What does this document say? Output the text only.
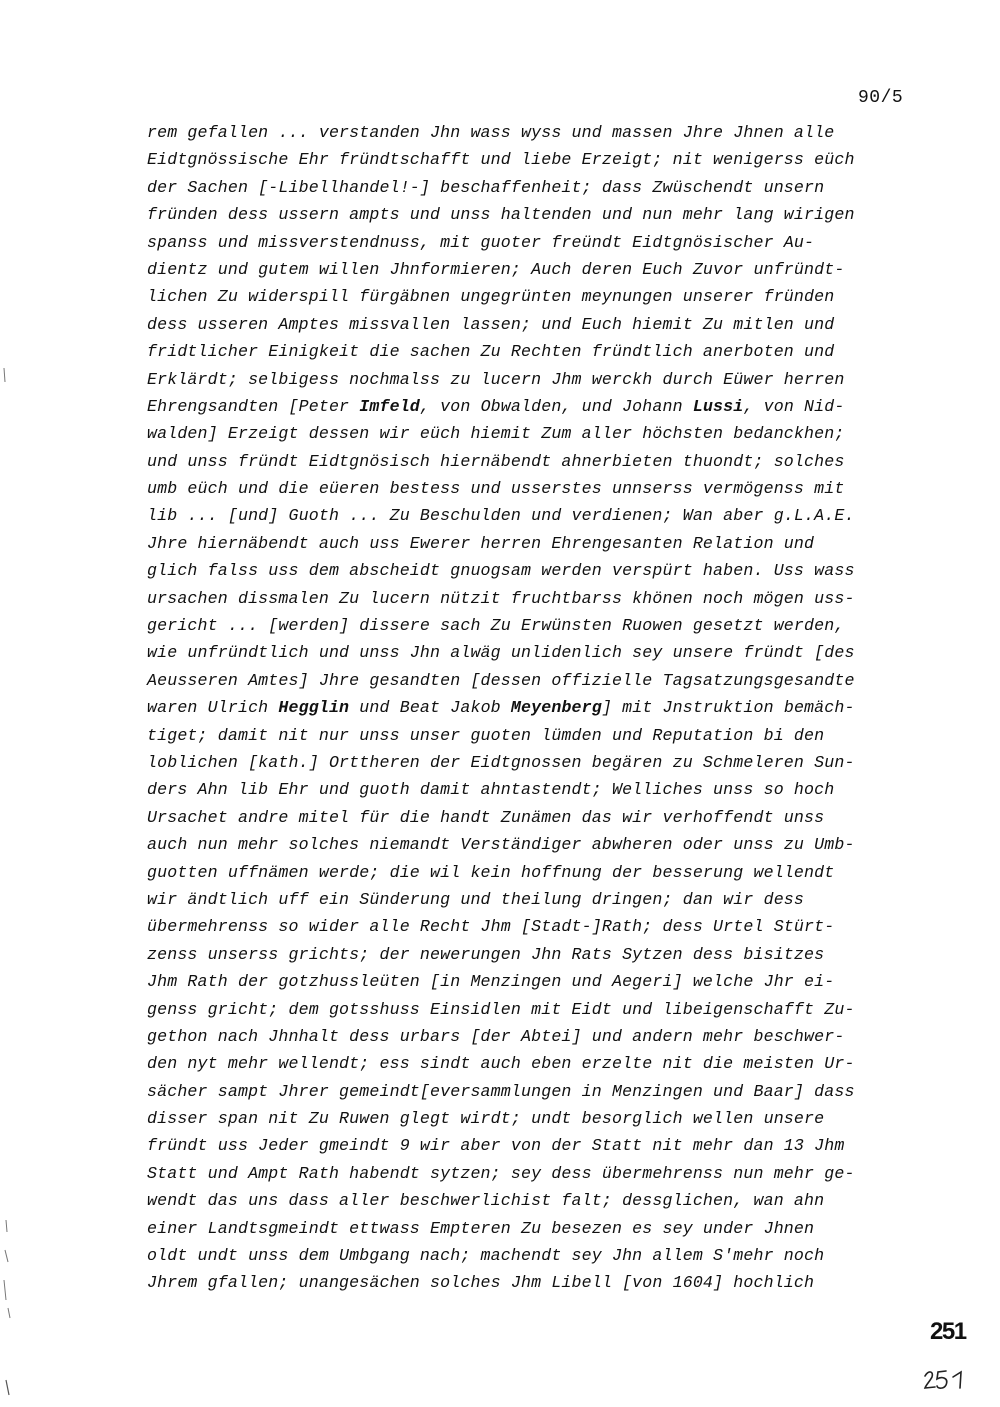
90/5
rem gefallen ... verstanden Jhn wass wyss und massen Jhre Jhnen alle
Eidtgnössische Ehr fründtschafft und liebe Erzeigt; nit wenigerss eüch
der Sachen [-Libellhandel!-] beschaffenheit; dass Zwüschendt unsern
fründen dess ussern ampts und unss haltenden und nun mehr lang wirigen
spanss und missverstendnuss, mit guoter freündt Eidtgnösischer Au-
dientz und gutem willen Jhnformieren; Auch deren Euch Zuvor unfründt-
lichen Zu widerspill fürgäbnen ungegrünten meynungen unserer fründen
dess usseren Amptes missvallen lassen; und Euch hiemit Zu mitlen und
fridtlicher Einigkeit die sachen Zu Rechten fründtlich anerboten und
Erklärdt; selbigess nochmalss zu lucern Jhm werckh durch Eüwer herren
Ehrengsandten [Peter Imfeld, von Obwalden, und Johann Lussi, von Nid-
walden] Erzeigt dessen wir eüch hiemit Zum aller höchsten bedanckhen;
und unss fründt Eidtgnösisch hiernäbendt ahnerbieten thuondt; solches
umb eüch und die eüeren bestess und usserstes unnserss vermögenss mit
lib ... [und] Guoth ... Zu Beschulden und verdienen; Wan aber g.L.A.E.
Jhre hiernäbendt auch uss Ewerer herren Ehrengesanten Relation und
glich falss uss dem abscheidt gnuogsam werden verspürt haben. Uss wass
ursachen dissmalen Zu lucern nützit fruchtbarss khönen noch mögen uss-
gericht ... [werden] dissere sach Zu Erwünsten Ruowen gesetzt werden,
wie unfründtlich und unss Jhn alwäg unlidenlich sey unsere fründt [des
Aeusseren Amtes] Jhre gesandten [dessen offizielle Tagsatzungsgesandte
waren Ulrich Hegglin und Beat Jakob Meyenberg] mit Jnstruktion bemäch-
tiget; damit nit nur unss unser guoten lümden und Reputation bi den
loblichen [kath.] Orttheren der Eidtgnossen begären zu Schmeleren Sun-
ders Ahn lib Ehr und guoth damit ahntastendt; Welliches unss so hoch
Ursachet andre mitel für die handt Zunämen das wir verhoffendt unss
auch nun mehr solches niemandt Verständiger abwheren oder unss zu Umb-
guotten uffnämen werde; die wil kein hoffnung der besserung wellendt
wir ändtlich uff ein Sünderung und theilung dringen; dan wir dess
übermehrenss so wider alle Recht Jhm [Stadt-]Rath; dess Urtel Stürt-
zenss unserss grichts; der newerungen Jhn Rats Sytzen dess bisitzes
Jhm Rath der gotzhussleüten [in Menzingen und Aegeri] welche Jhr ei-
genss gricht; dem gotsshuss Einsidlen mit Eidt und libeigenschafft Zu-
gethon nach Jhnhalt dess urbars [der Abtei] und andern mehr beschwer-
den nyt mehr wellendt; ess sindt auch eben erzelte nit die meisten Ur-
sächer sampt Jhrer gemeindt[eversammlungen in Menzingen und Baar] dass
disser span nit Zu Ruwen glegt wirdt; undt besorglich wellen unsere
fründt uss Jeder gmeindt 9 wir aber von der Statt nit mehr dan 13 Jhm
Statt und Ampt Rath habendt sytzen; sey dess übermehrenss nun mehr ge-
wendt das uns dass aller beschwerlichist falt; dessglichen, wan ahn
einer Landtsgmeindt ettwass Empteren Zu besezen es sey under Jhnen
oldt undt unss dem Umbgang nach; machendt sey Jhn allem S'mehr noch
Jhrem gfallen; unangesächen solches Jhm Libell [von 1604] hochlich
251
